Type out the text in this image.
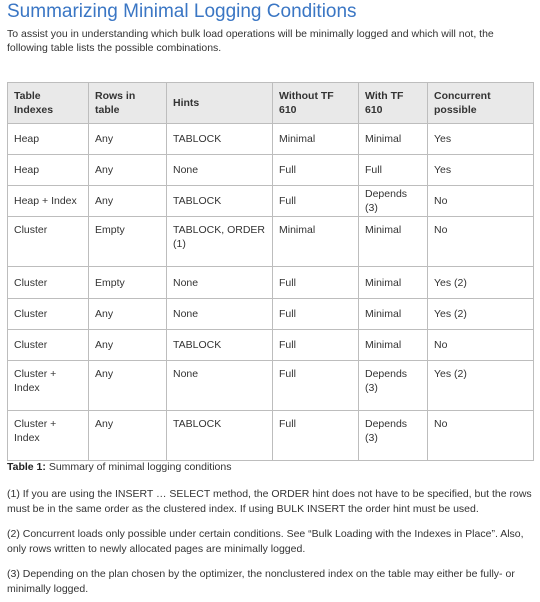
Summarizing Minimal Logging Conditions
To assist you in understanding which bulk load operations will be minimally logged and which will not, the following table lists the possible combinations.
Table Indexes	Rows in table	Hints	Without TF 610	With TF 610	Concurrent possible
Heap	Any	TABLOCK	Minimal	Minimal	Yes
Heap	Any	None	Full	Full	Yes
Heap + Index	Any	TABLOCK	Full	Depends (3)	No
Cluster	Empty	TABLOCK, ORDER (1)	Minimal	Minimal	No
Cluster	Empty	None	Full	Minimal	Yes (2)
Cluster	Any	None	Full	Minimal	Yes (2)
Cluster	Any	TABLOCK	Full	Minimal	No
Cluster + Index	Any	None	Full	Depends (3)	Yes (2)
Cluster + Index	Any	TABLOCK	Full	Depends (3)	No
Table 1: Summary of minimal logging conditions
(1) If you are using the INSERT … SELECT method, the ORDER hint does not have to be specified, but the rows must be in the same order as the clustered index. If using BULK INSERT the order hint must be used.
(2) Concurrent loads only possible under certain conditions. See “Bulk Loading with the Indexes in Place”. Also, only rows written to newly allocated pages are minimally logged.
(3) Depending on the plan chosen by the optimizer, the nonclustered index on the table may either be fully- or minimally logged.
